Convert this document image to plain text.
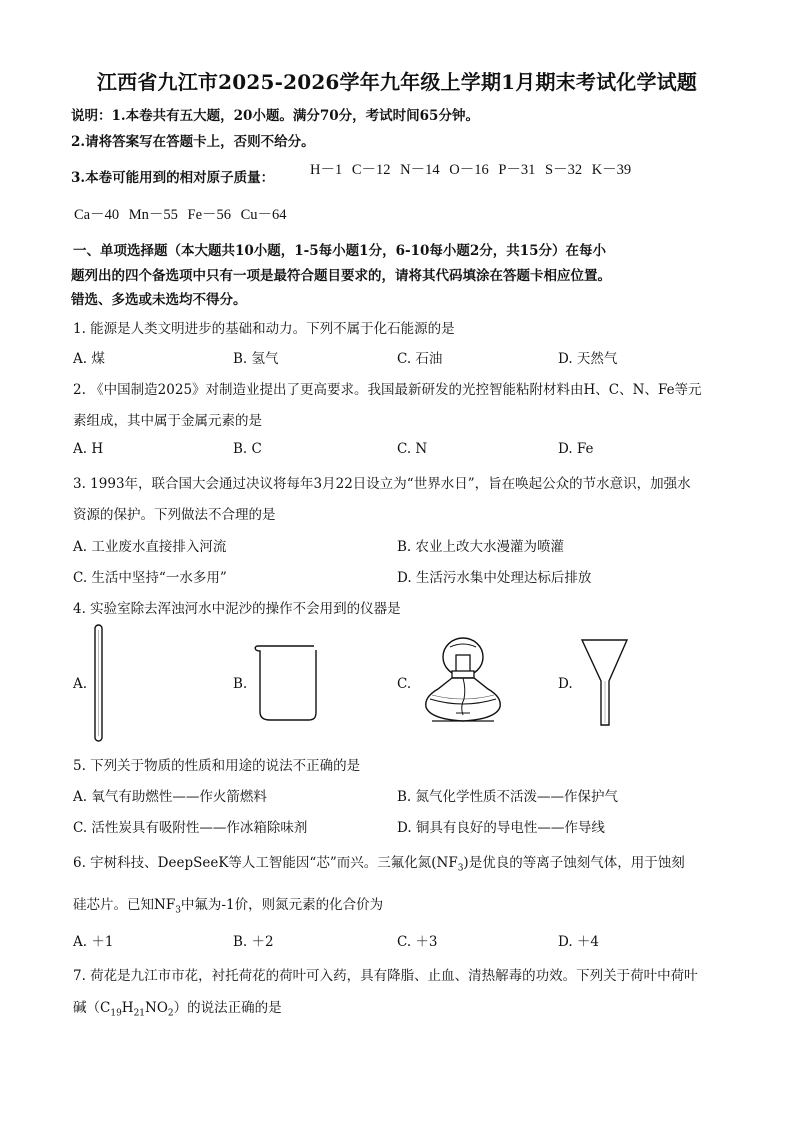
江西省九江市2025-2026学年九年级上学期1月期末考试化学试题
说明：1.本卷共有五大题，20小题。满分70分，考试时间65分钟。
2.请将答案写在答题卡上，否则不给分。
3.本卷可能用到的相对原子质量： H－1 C－12 N－14 O－16 P－31 S－32 K－39
Ca－40 Mn－55 Fe－56 Cu－64
一、单项选择题（本大题共10小题，1-5每小题1分，6-10每小题2分，共15分）在每小
题列出的四个备选项中只有一项是最符合题目要求的，请将其代码填涂在答题卡相应位置。
错选、多选或未选均不得分。
1. 能源是人类文明进步的基础和动力。下列不属于化石能源的是
A. 煤	B. 氢气	C. 石油	D. 天然气
2. 《中国制造2025》对制造业提出了更高要求。我国最新研发的光控智能粘附材料由H、C、N、Fe等元
素组成，其中属于金属元素的是
A. H	B. C	C. N	D. Fe
3. 1993年，联合国大会通过决议将每年3月22日设立为“世界水日”，旨在唤起公众的节水意识，加强水
资源的保护。下列做法不合理的是
A. 工业废水直接排入河流	B. 农业上改大水漫灌为喷灌
C. 生活中坚持“一水多用”	D. 生活污水集中处理达标后排放
4. 实验室除去浑浊河水中泥沙的操作不会用到的仪器是
A.	B.	C.	D.
5. 下列关于物质的性质和用途的说法不正确的是
A. 氧气有助燃性——作火箭燃料	B. 氮气化学性质不活泼——作保护气
C. 活性炭具有吸附性——作冰箱除味剂	D. 铜具有良好的导电性——作导线
6. 宇树科技、DeepSeeK等人工智能因“芯”而兴。三氟化氮$(NF_3)$是优良的等离子蚀刻气体，用于蚀刻
硅芯片。已知$NF_3$中氟为-1价，则氮元素的化合价为
A. ＋1	B. ＋2	C. ＋3	D. ＋4
7. 荷花是九江市市花，衬托荷花的荷叶可入药，具有降脂、止血、清热解毒的功效。下列关于荷叶中荷叶
碱$(C_{19}H_{21}NO_2)$的说法正确的是
